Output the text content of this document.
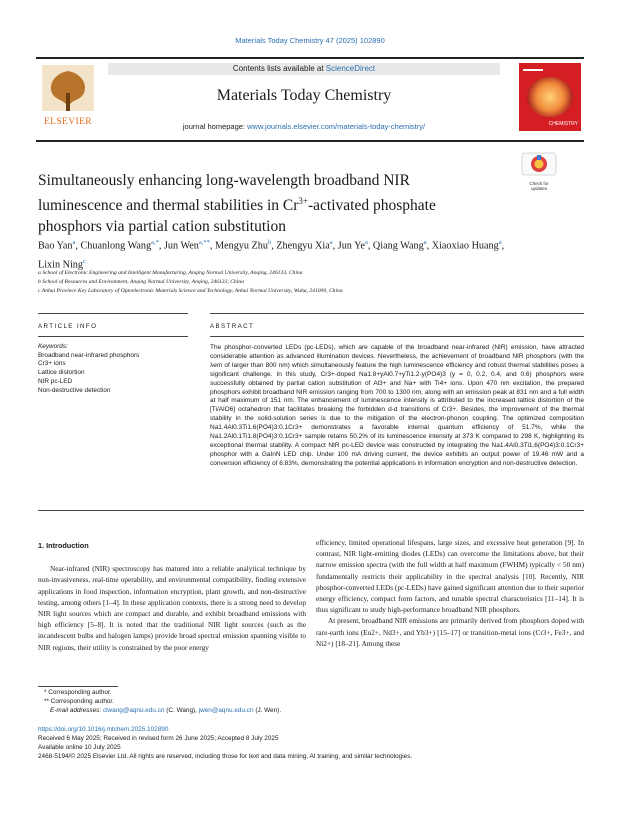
Materials Today Chemistry 47 (2025) 102890
ELSEVIER
Contents lists available at ScienceDirect
Materials Today Chemistry
journal homepage: www.journals.elsevier.com/materials-today-chemistry/	CHEMISTRY
Simultaneously enhancing long-wavelength broadband NIR luminescence and thermal stabilities in $Cr^{3+}$-activated phosphate phosphors via partial cation substitution
Check for updates
Bao Yan$^a$, Chuanlong Wang$^{a,*}$, Jun Wen$^{a,**}$, Mengyu Zhu$^b$, Zhengyu Xia$^a$, Jun Ye$^a$, Qiang Wang$^a$, Xiaoxiao Huang$^a$, Lixin Ning$^c$
a School of Electronic Engineering and Intelligent Manufacturing, Anqing Normal University, Anqing, 246133, China
b School of Resources and Environment, Anqing Normal University, Anqing, 246133, China
c Anhui Province Key Laboratory of Optoelectronic Materials Science and Technology, Anhui Normal University, Wuhu, 241000, China
ARTICLE INFO
Keywords:
Broadband near-infrared phosphors
Cr3+ ions
Lattice distortion
NIR pc-LED
Non-destructive detection
ABSTRACT
The phosphor-converted LEDs (pc-LEDs), which are capable of the broadband near-infrared (NIR) emission, have attracted considerable attention as advanced illumination devices. Nevertheless, the achievement of broadband NIR phosphors (with the λem of larger than 800 nm) which simultaneously feature the high luminescence efficiency and robust thermal stabilities poses a significant challenge. In this study, Cr3+-doped Na1.8+yAl0.7+yTi1.2-y(PO4)3 (y = 0, 0.2, 0.4, and 0.6) phosphors were successfully obtained by partial cation substitution of Al3+ and Na+ with Ti4+ ions. Upon 470 nm excitation, the prepared phosphors exhibit broadband NIR emission ranging from 700 to 1300 nm, along with an emission peak at 831 nm and a full width at half maximum of 151 nm. The enhancement of luminescence intensity is attributed to the increased lattice distortion of the [Ti/AlO6] octahedron that facilitates breaking the forbidden d-d transitions of Cr3+. Besides, the improvement of the thermal stability in the solid-solution series is due to the mitigation of the electron-phonon coupling. The optimized composition Na1.4Al0.3Ti1.6(PO4)3:0.1Cr3+ demonstrates a favorable internal quantum efficiency of 51.7%, while the Na1.2Al0.1Ti1.8(PO4)3:0.1Cr3+ sample retains 50.2% of its luminescence intensity at 373 K compared to 298 K, highlighting its exceptional thermal stability. A compact NIR pc-LED device was constructed by integrating the Na1.4Al0.3Ti1.6(PO4)3:0.1Cr3+ phosphor with a GaInN LED chip. Under 100 mA driving current, the device exhibits an output power of 19.46 mW and a conversion efficiency of 6.83%, demonstrating the potential applications in information encryption and non-destructive detection.

1. Introduction

Near-infrared (NIR) spectroscopy has matured into a reliable analytical technique by non-invasiveness, real-time operability, and environmental compatibility, finding extensive applications in food inspection, information encryption, plant growth, and non-destructive testing, among others [1–4]. In these application contexts, there is a strong need to develop NIR light sources which are compact and durable, and exhibit broadband emissions with high efficiency [5–8]. It is noted that the traditional NIR light sources (such as the incandescent bulbs and halogen lamps) provide broad spectral emission spanning visible to NIR regions, their utility is constrained by the poor energy

efficiency, limited operational lifespans, large sizes, and excessive heat generation [9]. In contrast, NIR light-emitting diodes (LEDs) can overcome the limitations above, but their narrow emission spectra (with the full width at half maximum (FWHM) typically < 50 nm) fundamentally restricts their applicability in the spectral analysis [10]. Recently, NIR phosphor-converted LEDs (pc-LEDs) have gained significant attention due to their superior energy efficiency, compact form factors, and tunable spectral characteristics [11–14]. It is thus significant to study high-performance broadband NIR phosphors.

At present, broadband NIR emissions are primarily derived from phosphors doped with rare-earth ions (Eu2+, Nd3+, and Yb3+) [15–17] or transition-metal ions (Cr3+, Fe3+, and Ni2+) [18–21]. Among these

* Corresponding author.
** Corresponding author.
E-mail addresses: clwang@aqnu.edu.cn (C. Wang), jwen@aqnu.edu.cn (J. Wen).
https://doi.org/10.1016/j.mtchem.2025.102890
Received 6 May 2025; Received in revised form 26 June 2025; Accepted 8 July 2025
Available online 10 July 2025
2468-5194/© 2025 Elsevier Ltd. All rights are reserved, including those for text and data mining, AI training, and similar technologies.
